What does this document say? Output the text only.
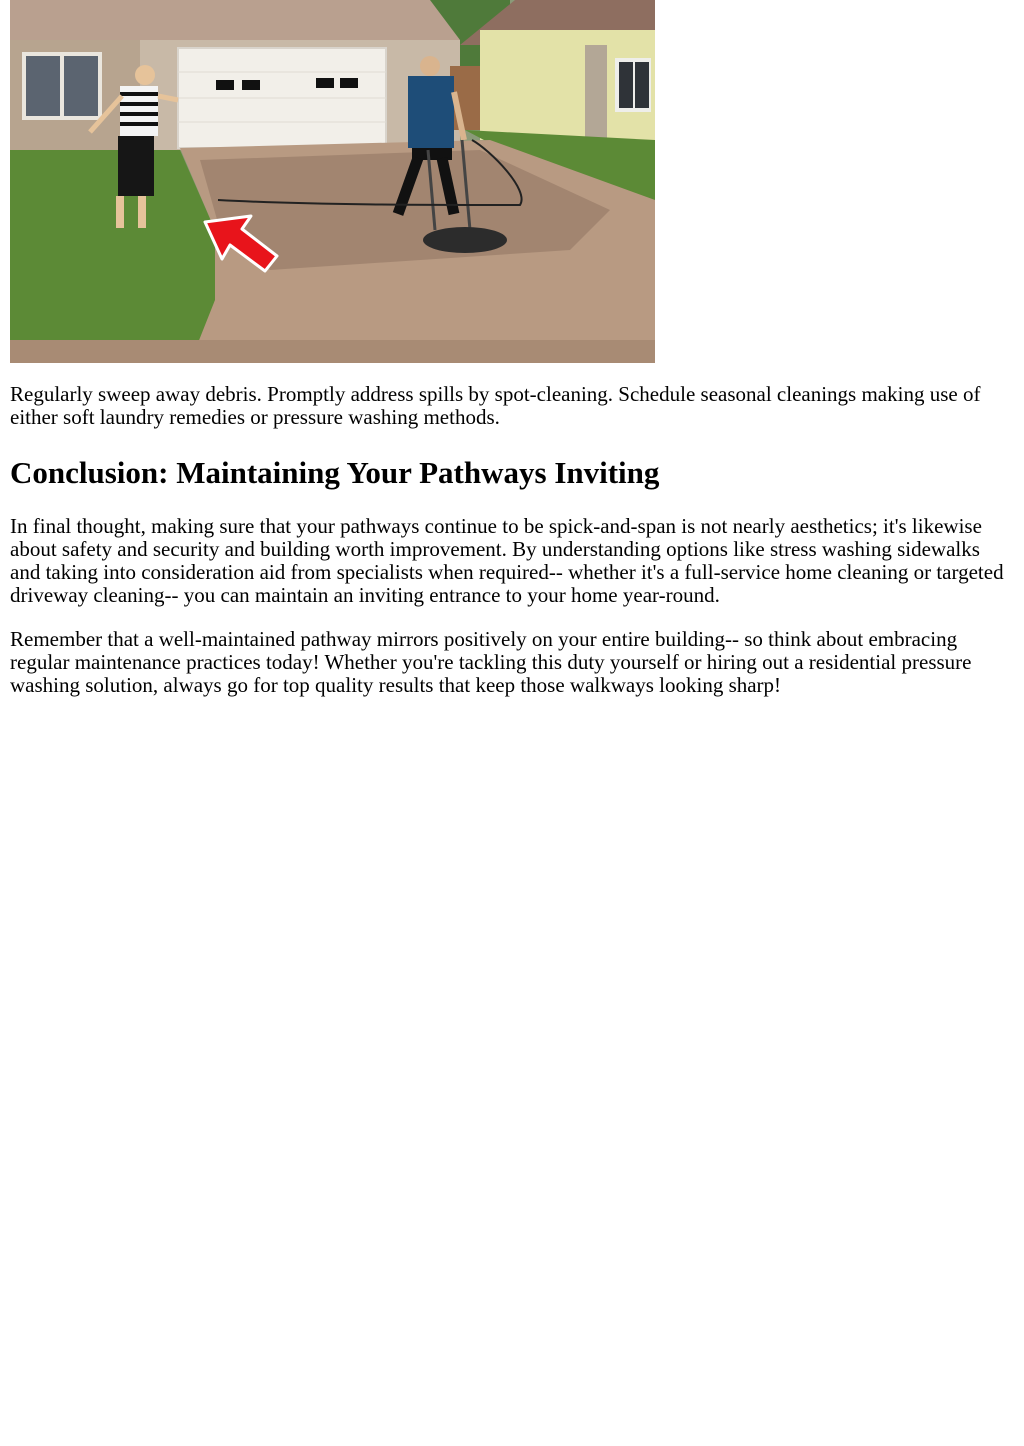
Regularly sweep away debris. Promptly address spills by spot-cleaning. Schedule seasonal cleanings making use of either soft laundry remedies or pressure washing methods.

Conclusion: Maintaining Your Pathways Inviting

In final thought, making sure that your pathways continue to be spick-and-span is not nearly aesthetics; it's likewise about safety and security and building worth improvement. By understanding options like stress washing sidewalks and taking into consideration aid from specialists when required-- whether it's a full-service home cleaning or targeted driveway cleaning-- you can maintain an inviting entrance to your home year-round.

Remember that a well-maintained pathway mirrors positively on your entire building-- so think about embracing regular maintenance practices today! Whether you're tackling this duty yourself or hiring out a residential pressure washing solution, always go for top quality results that keep those walkways looking sharp!
